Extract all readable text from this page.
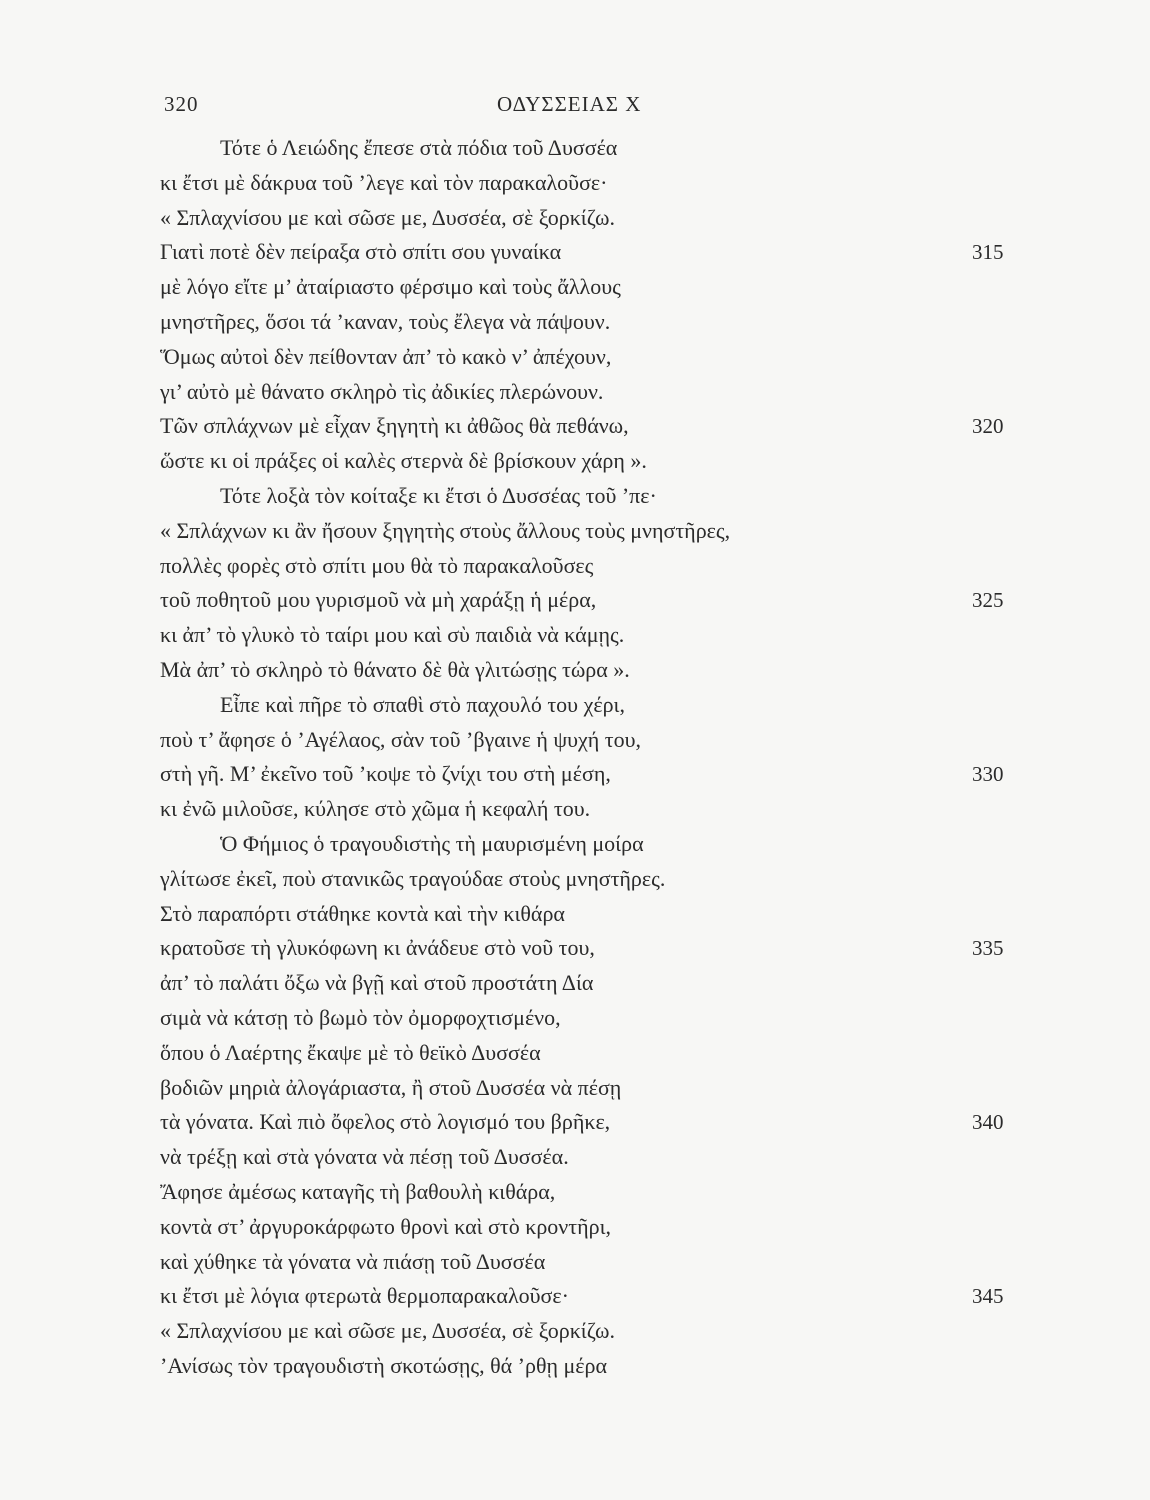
320	ΟΔΥΣΣΕΙΑΣ Χ
Τότε ὁ Λειώδης ἔπεσε στὰ πόδια τοῦ Δυσσέα
κι ἔτσι μὲ δάκρυα τοῦ ’λεγε καὶ τὸν παρακαλοῦσε·
« Σπλαχνίσου με καὶ σῶσε με, Δυσσέα, σὲ ξορκίζω.
Γιατὶ ποτὲ δὲν πείραξα στὸ σπίτι σου γυναίκα	315
μὲ λόγο εἴτε μ’ ἀταίριαστο φέρσιμο καὶ τοὺς ἄλλους
μνηστῆρες, ὅσοι τά ’καναν, τοὺς ἔλεγα νὰ πάψουν.
Ὅμως αὐτοὶ δὲν πείθονταν ἀπ’ τὸ κακὸ ν’ ἀπέχουν,
γι’ αὐτὸ μὲ θάνατο σκληρὸ τὶς ἀδικίες πλερώνουν.
Τῶν σπλάχνων μὲ εἶχαν ξηγητὴ κι ἀθῶος θὰ πεθάνω,	320
ὥστε κι οἱ πράξες οἱ καλὲς στερνὰ δὲ βρίσκουν χάρη ».
Τότε λοξὰ τὸν κοίταξε κι ἔτσι ὁ Δυσσέας τοῦ ’πε·
« Σπλάχνων κι ἂν ἤσουν ξηγητὴς στοὺς ἄλλους τοὺς μνηστῆρες,
πολλὲς φορὲς στὸ σπίτι μου θὰ τὸ παρακαλοῦσες
τοῦ ποθητοῦ μου γυρισμοῦ νὰ μὴ χαράξῃ ἡ μέρα,	325
κι ἀπ’ τὸ γλυκὸ τὸ ταίρι μου καὶ σὺ παιδιὰ νὰ κάμῃς.
Μὰ ἀπ’ τὸ σκληρὸ τὸ θάνατο δὲ θὰ γλιτώσῃς τώρα ».
Εἶπε καὶ πῆρε τὸ σπαθὶ στὸ παχουλό του χέρι,
ποὺ τ’ ἄφησε ὁ ’Αγέλαος, σὰν τοῦ ’βγαινε ἡ ψυχή του,
στὴ γῆ. Μ’ ἐκεῖνο τοῦ ’κοψε τὸ ζνίχι του στὴ μέση,	330
κι ἐνῶ μιλοῦσε, κύλησε στὸ χῶμα ἡ κεφαλή του.
Ὁ Φήμιος ὁ τραγουδιστὴς τὴ μαυρισμένη μοίρα
γλίτωσε ἐκεῖ, ποὺ στανικῶς τραγούδαε στοὺς μνηστῆρες.
Στὸ παραπόρτι στάθηκε κοντὰ καὶ τὴν κιθάρα
κρατοῦσε τὴ γλυκόφωνη κι ἀνάδευε στὸ νοῦ του,	335
ἀπ’ τὸ παλάτι ὄξω νὰ βγῇ καὶ στοῦ προστάτη Δία
σιμὰ νὰ κάτσῃ τὸ βωμὸ τὸν ὀμορφοχτισμένο,
ὅπου ὁ Λαέρτης ἔκαψε μὲ τὸ θεϊκὸ Δυσσέα
βοδιῶν μηριὰ ἀλογάριαστα, ἢ στοῦ Δυσσέα νὰ πέσῃ
τὰ γόνατα. Καὶ πιὸ ὄφελος στὸ λογισμό του βρῆκε,	340
νὰ τρέξῃ καὶ στὰ γόνατα νὰ πέσῃ τοῦ Δυσσέα.
Ἄφησε ἀμέσως καταγῆς τὴ βαθουλὴ κιθάρα,
κοντὰ στ’ ἀργυροκάρφωτο θρονὶ καὶ στὸ κροντῆρι,
καὶ χύθηκε τὰ γόνατα νὰ πιάσῃ τοῦ Δυσσέα
κι ἔτσι μὲ λόγια φτερωτὰ θερμοπαρακαλοῦσε·	345
« Σπλαχνίσου με καὶ σῶσε με, Δυσσέα, σὲ ξορκίζω.
’Ανίσως τὸν τραγουδιστὴ σκοτώσῃς, θά ’ρθῃ μέρα
